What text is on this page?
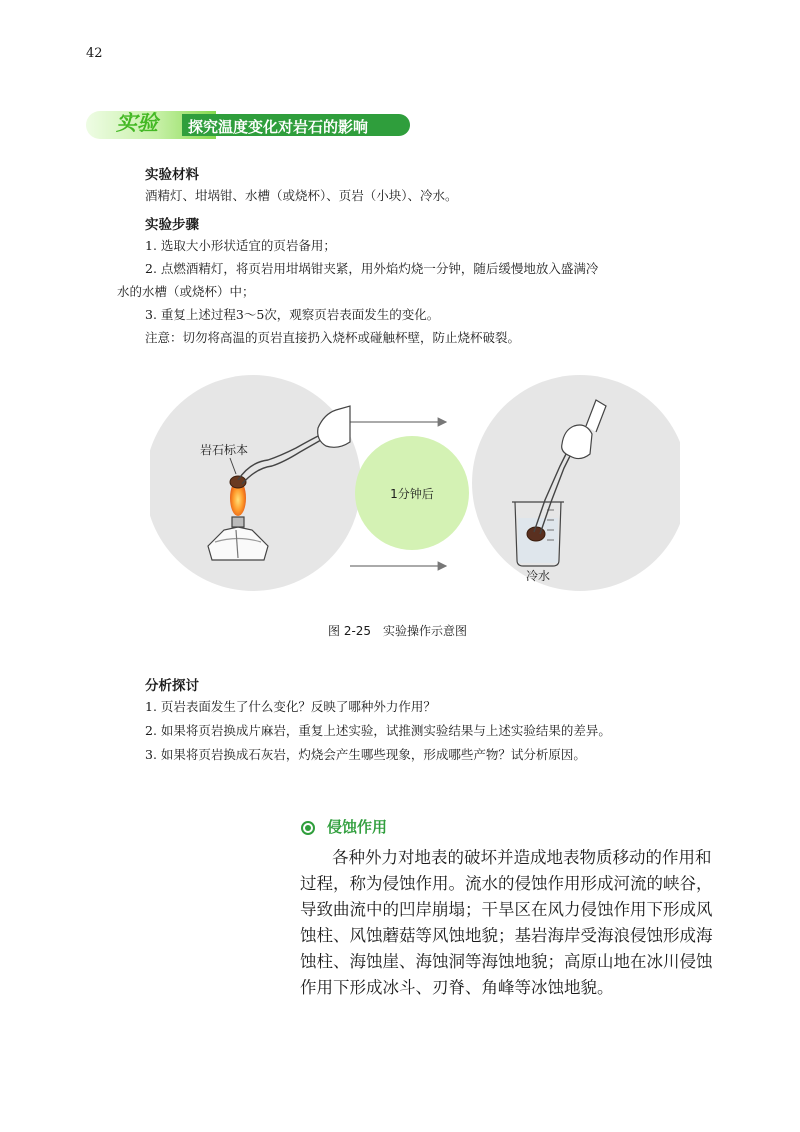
42
实验 探究温度变化对岩石的影响
实验材料
酒精灯、坩埚钳、水槽（或烧杯）、页岩（小块）、冷水。
实验步骤
1. 选取大小形状适宜的页岩备用；
2. 点燃酒精灯，将页岩用坩埚钳夹紧，用外焰灼烧一分钟，随后缓慢地放入盛满冷
水的水槽（或烧杯）中；
3. 重复上述过程3～5次，观察页岩表面发生的变化。
注意：切勿将高温的页岩直接扔入烧杯或碰触杯壁，防止烧杯破裂。
岩石标本
1分钟后
冷水
图 2-25　实验操作示意图
分析探讨
1. 页岩表面发生了什么变化？反映了哪种外力作用？
2. 如果将页岩换成片麻岩，重复上述实验，试推测实验结果与上述实验结果的差异。
3. 如果将页岩换成石灰岩，灼烧会产生哪些现象，形成哪些产物？试分析原因。
侵蚀作用
各种外力对地表的破坏并造成地表物质移动的作用和
过程，称为侵蚀作用。流水的侵蚀作用形成河流的峡谷，
导致曲流中的凹岸崩塌；干旱区在风力侵蚀作用下形成风
蚀柱、风蚀蘑菇等风蚀地貌；基岩海岸受海浪侵蚀形成海
蚀柱、海蚀崖、海蚀洞等海蚀地貌；高原山地在冰川侵蚀
作用下形成冰斗、刃脊、角峰等冰蚀地貌。
